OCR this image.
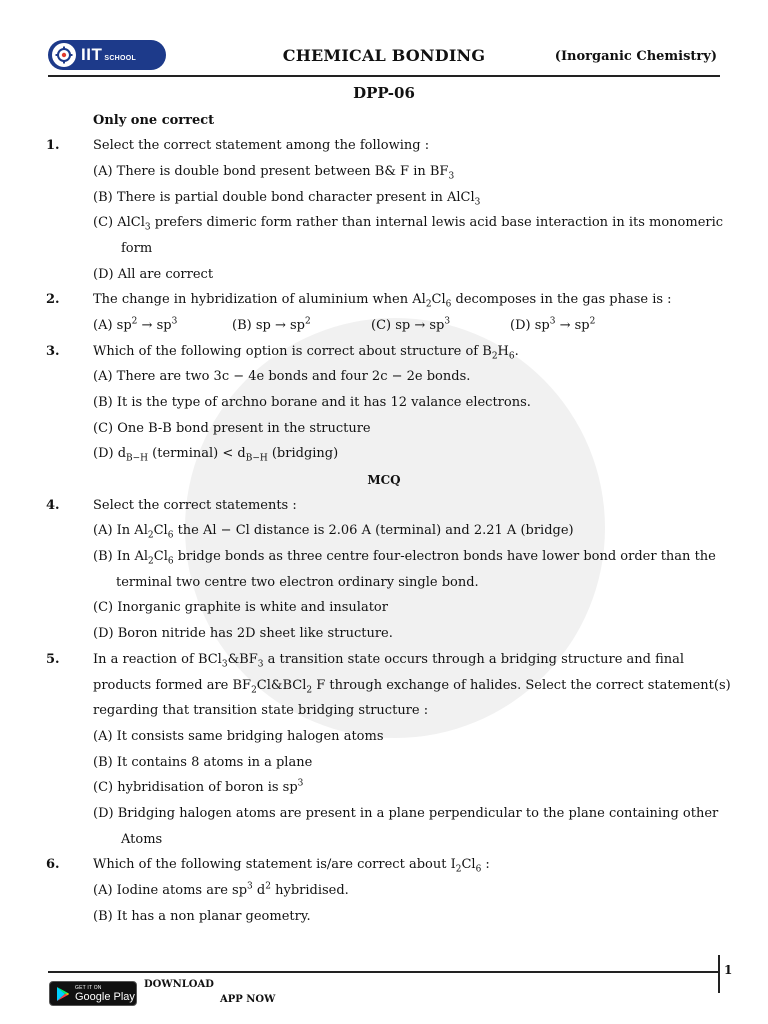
IIT SCHOOL	CHEMICAL BONDING	(Inorganic Chemistry)
DPP-06
Only one correct
1.	Select the correct statement among the following :
(A) There is double bond present between B& F in $BF_3$
(B) There is partial double bond character present in AlCl$_3$
(C) AlCl$_3$ prefers dimeric form rather than internal lewis acid base interaction in its monomeric
form
(D) All are correct
2.	The change in hybridization of aluminium when $Al_2Cl_6$ decomposes in the gas phase is :
(A) $sp^2 \to sp^3$	(B) sp → $sp^2$	(C) sp → $sp^3$	(D) $sp^3 \to sp^2$
3.	Which of the following option is correct about structure of $B_2H_6$.
(A) There are two 3c − 4e bonds and four 2c − 2e bonds.
(B) It is the type of archno borane and it has 12 valance electrons.
(C) One B-B bond present in the structure
(D) $d_{B-H}$ (terminal) < $d_{B-H}$ (bridging)
MCQ
4.	Select the correct statements :
(A) In $Al_2Cl_6$ the Al − Cl distance is 2.06 A (terminal) and 2.21 A (bridge)
(B) In $Al_2Cl_6$ bridge bonds as three centre four-electron bonds have lower bond order than the
terminal two centre two electron ordinary single bond.
(C) Inorganic graphite is white and insulator
(D) Boron nitride has 2D sheet like structure.
5.	In a reaction of $BCl_3\&BF_3$ a transition state occurs through a bridging structure and final
products formed are $BF_2Cl\&BCl_2$ F through exchange of halides. Select the correct statement(s)
regarding that transition state bridging structure :
(A) It consists same bridging halogen atoms
(B) It contains 8 atoms in a plane
(C) hybridisation of boron is $sp^3$
(D) Bridging halogen atoms are present in a plane perpendicular to the plane containing other
Atoms
6.	Which of the following statement is/are correct about $I_2Cl_6$ :
(A) Iodine atoms are $sp^3$ $d^2$ hybridised.
(B) It has a non planar geometry.
1
GET IT ON
Google Play
DOWNLOAD
APP NOW
